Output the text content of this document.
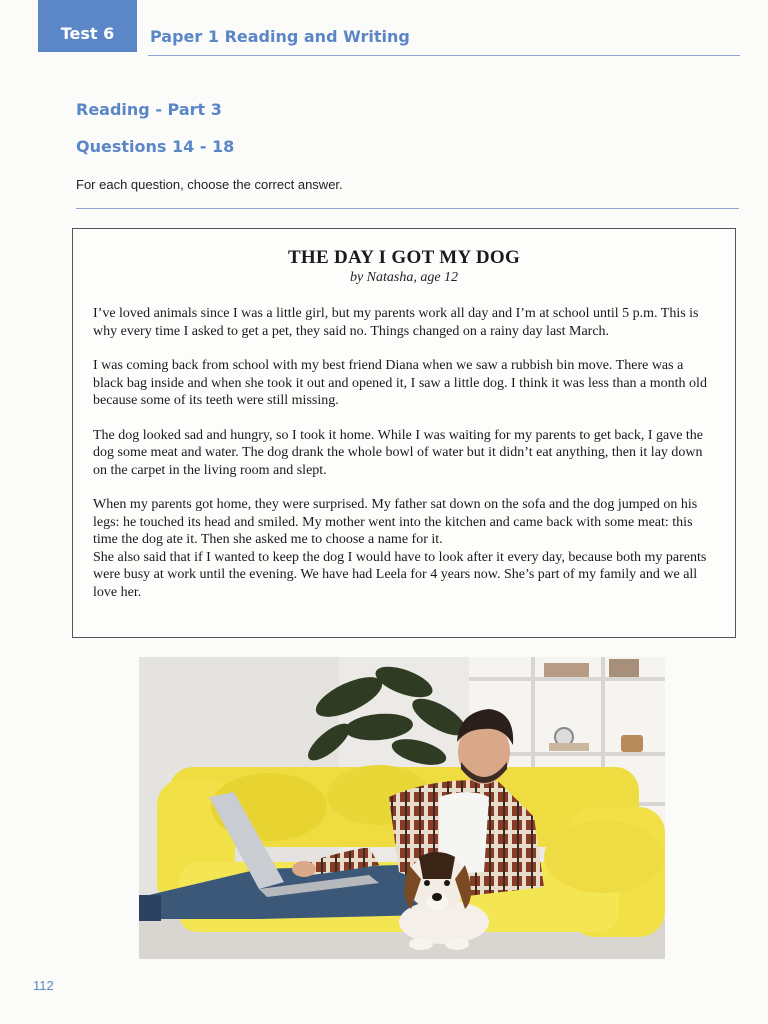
Test 6	Paper 1 Reading and Writing
Reading - Part 3
Questions 14 - 18
For each question, choose the correct answer.
THE DAY I GOT MY DOG
by Natasha, age 12

I’ve loved animals since I was a little girl, but my parents work all day and I’m at school until 5 p.m. This is why every time I asked to get a pet, they said no. Things changed on a rainy day last March.

I was coming back from school with my best friend Diana when we saw a rubbish bin move. There was a black bag inside and when she took it out and opened it, I saw a little dog. I think it was less than a month old because some of its teeth were still missing.

The dog looked sad and hungry, so I took it home. While I was waiting for my parents to get back, I gave the dog some meat and water. The dog drank the whole bowl of water but it didn’t eat anything, then it lay down on the carpet in the living room and slept.

When my parents got home, they were surprised. My father sat down on the sofa and the dog jumped on his legs: he touched its head and smiled. My mother went into the kitchen and came back with some meat: this time the dog ate it. Then she asked me to choose a name for it.

She also said that if I wanted to keep the dog I would have to look after it every day, because both my parents were busy at work until the evening. We have had Leela for 4 years now. She’s part of my family and we all love her.

112
